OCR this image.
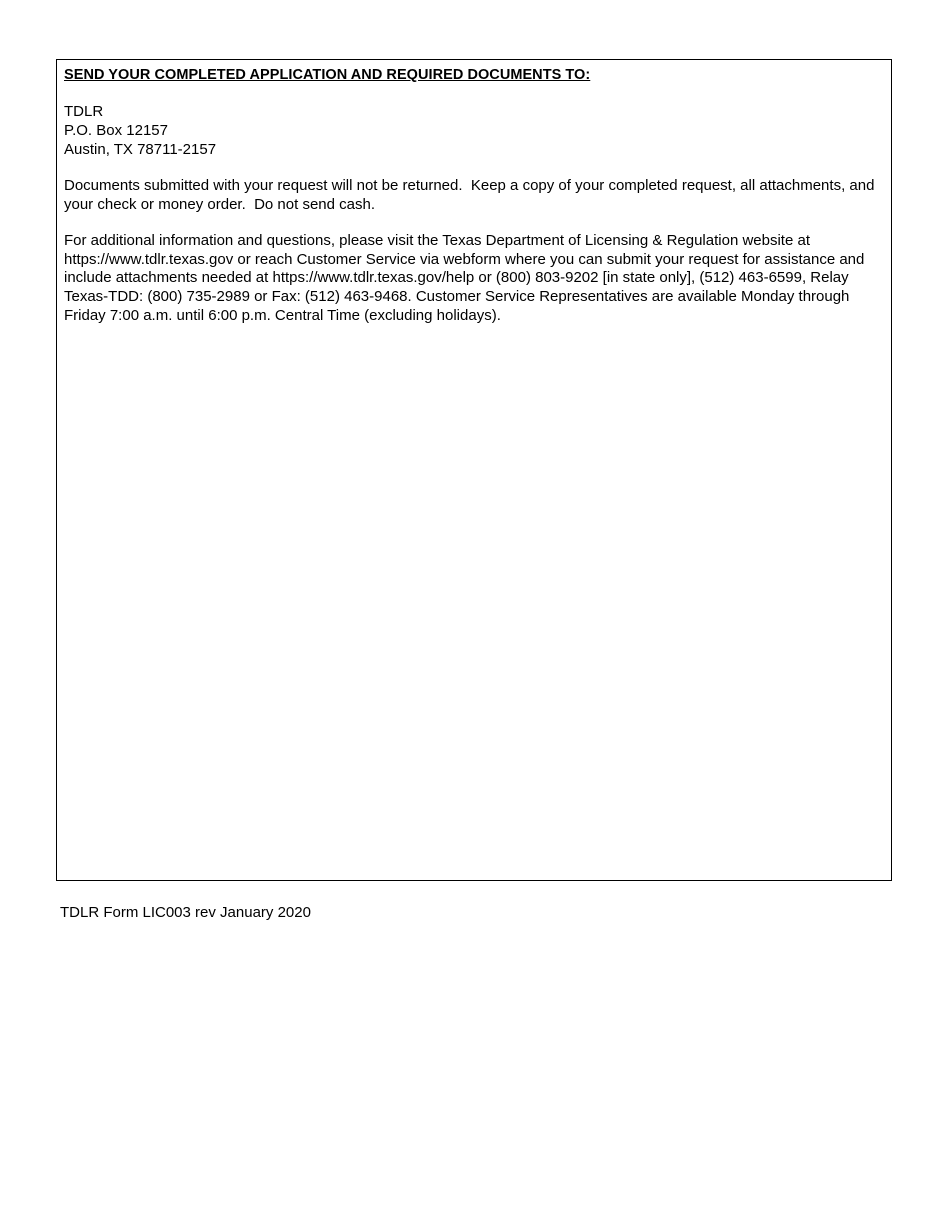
SEND YOUR COMPLETED APPLICATION AND REQUIRED DOCUMENTS TO:
TDLR
P.O. Box 12157
Austin, TX 78711-2157
Documents submitted with your request will not be returned.  Keep a copy of your completed request, all attachments, and your check or money order.  Do not send cash.
For additional information and questions, please visit the Texas Department of Licensing & Regulation website at https://www.tdlr.texas.gov or reach Customer Service via webform where you can submit your request for assistance and include attachments needed at https://www.tdlr.texas.gov/help or (800) 803-9202 [in state only], (512) 463-6599, Relay Texas-TDD: (800) 735-2989 or Fax: (512) 463-9468. Customer Service Representatives are available Monday through Friday 7:00 a.m. until 6:00 p.m. Central Time (excluding holidays).
TDLR Form LIC003 rev January 2020
